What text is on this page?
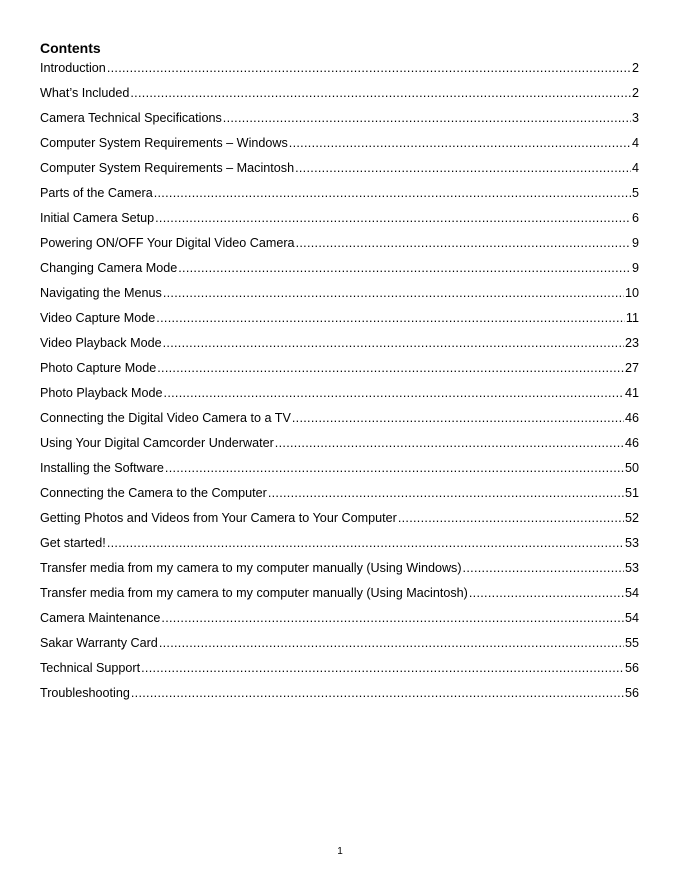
Contents
Introduction .....	2
What’s Included .....	2
Camera Technical Specifications .....	3
Computer System Requirements – Windows .....	4
Computer System Requirements – Macintosh .....	4
Parts of the Camera .....	5
Initial Camera Setup .....	6
Powering ON/OFF Your Digital Video Camera .....	9
Changing Camera Mode .....	9
Navigating the Menus .....	10
Video Capture Mode .....	11
Video Playback Mode .....	23
Photo Capture Mode .....	27
Photo Playback Mode .....	41
Connecting the Digital Video Camera to a TV .....	46
Using Your Digital Camcorder Underwater .....	46
Installing the Software .....	50
Connecting the Camera to the Computer .....	51
Getting Photos and Videos from Your Camera to Your Computer .....	52
Get started! .....	53
Transfer media from my camera to my computer manually (Using Windows) .....	53
Transfer media from my camera to my computer manually (Using Macintosh) .....	54
Camera Maintenance .....	54
Sakar Warranty Card .....	55
Technical Support .....	56
Troubleshooting .....	56
1
